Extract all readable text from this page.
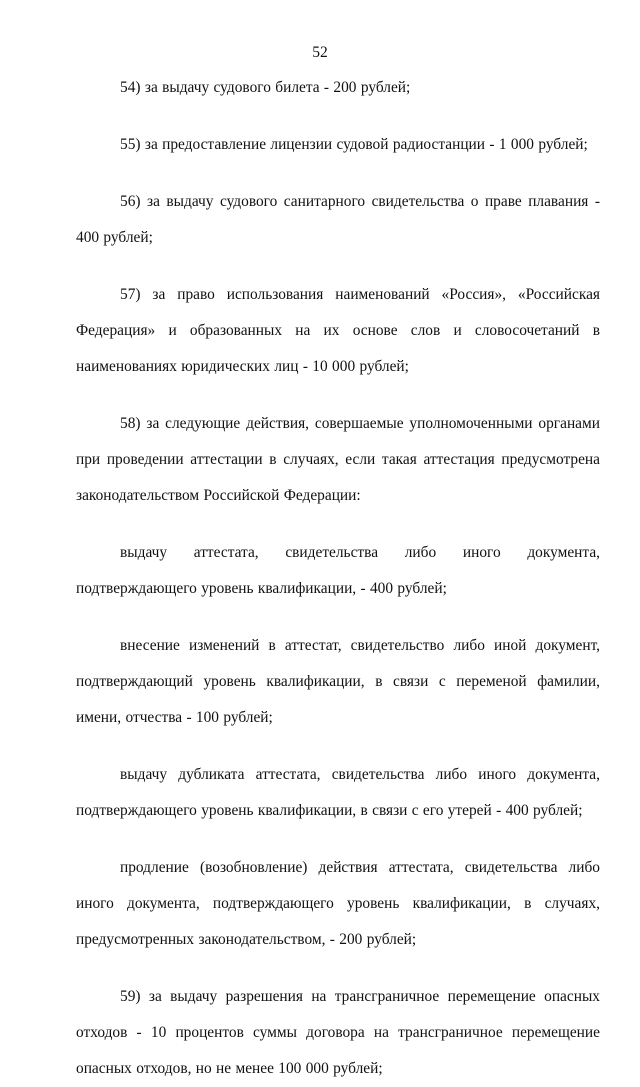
52

54) за выдачу судового билета - 200 рублей;

55) за предоставление лицензии судовой радиостанции - 1 000 рублей;

56) за выдачу судового санитарного свидетельства о праве плавания - 400 рублей;

57) за право использования наименований «Россия», «Российская Федерация» и образованных на их основе слов и словосочетаний в наименованиях юридических лиц - 10 000 рублей;

58) за следующие действия, совершаемые уполномоченными органами при проведении аттестации в случаях, если такая аттестация предусмотрена законодательством Российской Федерации:

выдачу аттестата, свидетельства либо иного документа, подтверждающего уровень квалификации, - 400 рублей;

внесение изменений в аттестат, свидетельство либо иной документ, подтверждающий уровень квалификации, в связи с переменой фамилии, имени, отчества - 100 рублей;

выдачу дубликата аттестата, свидетельства либо иного документа, подтверждающего уровень квалификации, в связи с его утерей - 400 рублей;

продление (возобновление) действия аттестата, свидетельства либо иного документа, подтверждающего уровень квалификации, в случаях, предусмотренных законодательством, - 200 рублей;

59) за выдачу разрешения на трансграничное перемещение опасных отходов - 10 процентов суммы договора на трансграничное перемещение опасных отходов, но не менее 100 000 рублей;
